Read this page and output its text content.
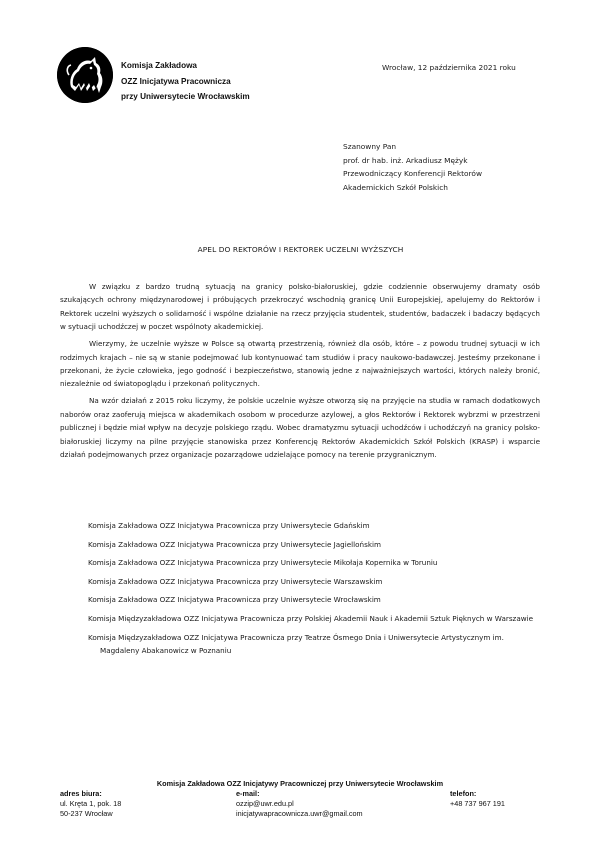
Komisja Zakładowa
OZZ Inicjatywa Pracownicza
przy Uniwersytecie Wrocławskim
Wrocław, 12 października 2021 roku
Szanowny Pan
prof. dr hab. inż. Arkadiusz Mężyk
Przewodniczący Konferencji Rektorów
Akademickich Szkół Polskich
APEL DO REKTORÓW I REKTOREK UCZELNI WYŻSZYCH

W związku z bardzo trudną sytuacją na granicy polsko-białoruskiej, gdzie codziennie obserwujemy dramaty osób szukających ochrony międzynarodowej i próbujących przekroczyć wschodnią granicę Unii Europejskiej, apelujemy do Rektorów i Rektorek uczelni wyższych o solidarność i wspólne działanie na rzecz przyjęcia studentek, studentów, badaczek i badaczy będących w sytuacji uchodźczej w poczet wspólnoty akademickiej.

Wierzymy, że uczelnie wyższe w Polsce są otwartą przestrzenią, również dla osób, które – z powodu trudnej sytuacji w ich rodzimych krajach – nie są w stanie podejmować lub kontynuować tam studiów i pracy naukowo-badawczej. Jesteśmy przekonane i przekonani, że życie człowieka, jego godność i bezpieczeństwo, stanowią jedne z najważniejszych wartości, których należy bronić, niezależnie od światopoglądu i przekonań politycznych.

Na wzór działań z 2015 roku liczymy, że polskie uczelnie wyższe otworzą się na przyjęcie na studia w ramach dodatkowych naborów oraz zaoferują miejsca w akademikach osobom w procedurze azylowej, a głos Rektorów i Rektorek wybrzmi w przestrzeni publicznej i będzie miał wpływ na decyzje polskiego rządu. Wobec dramatyzmu sytuacji uchodźców i uchodźczyń na granicy polsko-białoruskiej liczymy na pilne przyjęcie stanowiska przez Konferencję Rektorów Akademickich Szkół Polskich (KRASP) i wsparcie działań podejmowanych przez organizacje pozarządowe udzielające pomocy na terenie przygranicznym.

Komisja Zakładowa OZZ Inicjatywa Pracownicza przy Uniwersytecie Gdańskim
Komisja Zakładowa OZZ Inicjatywa Pracownicza przy Uniwersytecie Jagiellońskim
Komisja Zakładowa OZZ Inicjatywa Pracownicza przy Uniwersytecie Mikołaja Kopernika w Toruniu
Komisja Zakładowa OZZ Inicjatywa Pracownicza przy Uniwersytecie Warszawskim
Komisja Zakładowa OZZ Inicjatywa Pracownicza przy Uniwersytecie Wrocławskim
Komisja Międzyzakładowa OZZ Inicjatywa Pracownicza przy Polskiej Akademii Nauk i Akademii Sztuk Pięknych w Warszawie
Komisja Międzyzakładowa OZZ Inicjatywa Pracownicza przy Teatrze Ósmego Dnia i Uniwersytecie Artystycznym im. Magdaleny Abakanowicz w Poznaniu
Komisja Zakładowa OZZ Inicjatywy Pracowniczej przy Uniwersytecie Wrocławskim
adres biura:
ul. Kręta 1, pok. 18
50-237 Wrocław
e-mail:
ozzip@uwr.edu.pl
inicjatywapracownicza.uwr@gmail.com
telefon:
+48 737 967 191
